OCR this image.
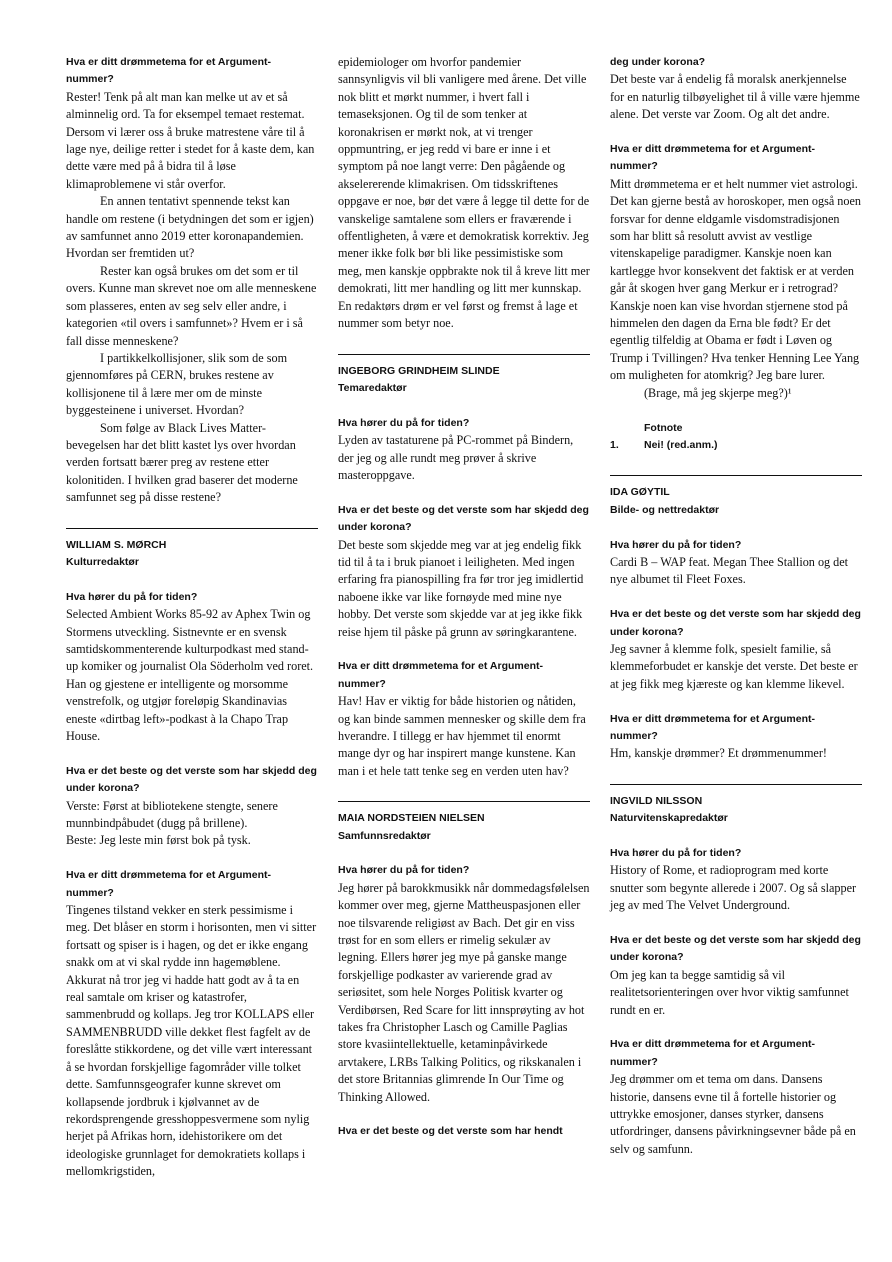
Hva er ditt drømmetema for et Argument-nummer?

Rester! Tenk på alt man kan melke ut av et så alminnelig ord. Ta for eksempel temaet restemat. Dersom vi lærer oss å bruke matrestene våre til å lage nye, deilige retter i stedet for å kaste dem, kan dette være med på å bidra til å løse klimaproblemene vi står overfor.

En annen tentativt spennende tekst kan handle om restene (i betydningen det som er igjen) av samfunnet anno 2019 etter koronapandemien. Hvordan ser fremtiden ut?

Rester kan også brukes om det som er til overs. Kunne man skrevet noe om alle menneskene som plasseres, enten av seg selv eller andre, i kategorien «til overs i samfunnet»? Hvem er i så fall disse menneskene?

I partikkelkollisjoner, slik som de som gjennomføres på CERN, brukes restene av kollisjonene til å lære mer om de minste byggesteinene i universet. Hvordan?

Som følge av Black Lives Matter-bevegelsen har det blitt kastet lys over hvordan verden fortsatt bærer preg av restene etter kolonitiden. I hvilken grad baserer det moderne samfunnet seg på disse restene?

WILLIAM S. MØRCH

Kulturredaktør

Hva hører du på for tiden?

Selected Ambient Works 85-92 av Aphex Twin og Stormens utveckling. Sistnevnte er en svensk samtidskommenterende kulturpodkast med stand-up komiker og journalist Ola Söderholm ved roret. Han og gjestene er intelligente og morsomme venstrefolk, og utgjør foreløpig Skandinavias eneste «dirtbag left»-podkast à la Chapo Trap House.

Hva er det beste og det verste som har skjedd deg under korona?

Verste: Først at bibliotekene stengte, senere munnbindpåbudet (dugg på brillene).

Beste: Jeg leste min først bok på tysk.

Hva er ditt drømmetema for et Argument-nummer?

Tingenes tilstand vekker en sterk pessimisme i meg. Det blåser en storm i horisonten, men vi sitter fortsatt og spiser is i hagen, og det er ikke engang snakk om at vi skal rydde inn hagemøblene. Akkurat nå tror jeg vi hadde hatt godt av å ta en real samtale om kriser og katastrofer, sammenbrudd og kollaps. Jeg tror KOLLAPS eller SAMMENBRUDD ville dekket flest fagfelt av de foreslåtte stikkordene, og det ville vært interessant å se hvordan forskjellige fagområder ville tolket dette. Samfunnsgeografer kunne skrevet om kollapsende jordbruk i kjølvannet av de rekordsprengende gresshoppesvermene som nylig herjet på Afrikas horn, idehistorikere om det ideologiske grunnlaget for demokratiets kollaps i mellomkrigstiden,

epidemiologer om hvorfor pandemier sannsynligvis vil bli vanligere med årene. Det ville nok blitt et mørkt nummer, i hvert fall i temaseksjonen. Og til de som tenker at koronakrisen er mørkt nok, at vi trenger oppmuntring, er jeg redd vi bare er inne i et symptom på noe langt verre: Den pågående og akselererende klimakrisen. Om tidsskriftenes oppgave er noe, bør det være å legge til dette for de vanskelige samtalene som ellers er fraværende i offentligheten, å være et demokratisk korrektiv. Jeg mener ikke folk bør bli like pessimistiske som meg, men kanskje oppbrakte nok til å kreve litt mer demokrati, litt mer handling og litt mer kunnskap. En redaktørs drøm er vel først og fremst å lage et nummer som betyr noe.

INGEBORG GRINDHEIM SLINDE

Temaredaktør

Hva hører du på for tiden?

Lyden av tastaturene på PC-rommet på Bindern, der jeg og alle rundt meg prøver å skrive masteroppgave.

Hva er det beste og det verste som har skjedd deg under korona?

Det beste som skjedde meg var at jeg endelig fikk tid til å ta i bruk pianoet i leiligheten. Med ingen erfaring fra pianospilling fra før tror jeg imidlertid naboene ikke var like fornøyde med mine nye hobby. Det verste som skjedde var at jeg ikke fikk reise hjem til påske på grunn av søringkarantene.

Hva er ditt drømmetema for et Argument-nummer?

Hav! Hav er viktig for både historien og nåtiden, og kan binde sammen mennesker og skille dem fra hverandre. I tillegg er hav hjemmet til enormt mange dyr og har inspirert mange kunstene. Kan man i et hele tatt tenke seg en verden uten hav?

MAIA NORDSTEIEN NIELSEN

Samfunnsredaktør

Hva hører du på for tiden?

Jeg hører på barokkmusikk når dommedagsfølelsen kommer over meg, gjerne Mattheuspasjonen eller noe tilsvarende religiøst av Bach. Det gir en viss trøst for en som ellers er rimelig sekulær av legning. Ellers hører jeg mye på ganske mange forskjellige podkaster av varierende grad av seriøsitet, som hele Norges Politisk kvarter og Verdibørsen, Red Scare for litt innsprøyting av hot takes fra Christopher Lasch og Camille Paglias store kvasiintellektuelle, ketaminpåvirkede arvtakere, LRBs Talking Politics, og rikskanalen i det store Britannias glimrende In Our Time og Thinking Allowed.

Hva er det beste og det verste som har hendt

deg under korona?

Det beste var å endelig få moralsk anerkjennelse for en naturlig tilbøyelighet til å ville være hjemme alene. Det verste var Zoom. Og alt det andre.

Hva er ditt drømmetema for et Argument-nummer?

Mitt drømmetema er et helt nummer viet astrologi. Det kan gjerne bestå av horoskoper, men også noen forsvar for denne eldgamle visdomstradisjonen som har blitt så resolutt avvist av vestlige vitenskapelige paradigmer. Kanskje noen kan kartlegge hvor konsekvent det faktisk er at verden går åt skogen hver gang Merkur er i retrograd? Kanskje noen kan vise hvordan stjernene stod på himmelen den dagen da Erna ble født? Er det egentlig tilfeldig at Obama er født i Løven og Trump i Tvillingen? Hva tenker Henning Lee Yang om muligheten for atomkrig? Jeg bare lurer.

(Brage, må jeg skjerpe meg?)¹

Fotnote

1.	Nei! (red.anm.)

IDA GØYTIL

Bilde- og nettredaktør

Hva hører du på for tiden?

Cardi B – WAP feat. Megan Thee Stallion og det nye albumet til Fleet Foxes.

Hva er det beste og det verste som har skjedd deg under korona?

Jeg savner å klemme folk, spesielt familie, så klemmeforbudet er kanskje det verste. Det beste er at jeg fikk meg kjæreste og kan klemme likevel.

Hva er ditt drømmetema for et Argument-nummer?

Hm, kanskje drømmer? Et drømmenummer!

INGVILD NILSSON

Naturvitenskapredaktør

Hva hører du på for tiden?

History of Rome, et radioprogram med korte snutter som begynte allerede i 2007. Og så slapper jeg av med The Velvet Underground.

Hva er det beste og det verste som har skjedd deg under korona?

Om jeg kan ta begge samtidig så vil realitetsorienteringen over hvor viktig samfunnet rundt en er.

Hva er ditt drømmetema for et Argument-nummer?

Jeg drømmer om et tema om dans. Dansens historie, dansens evne til å fortelle historier og uttrykke emosjoner, danses styrker, dansens utfordringer, dansens påvirkningsevner både på en selv og samfunn.
